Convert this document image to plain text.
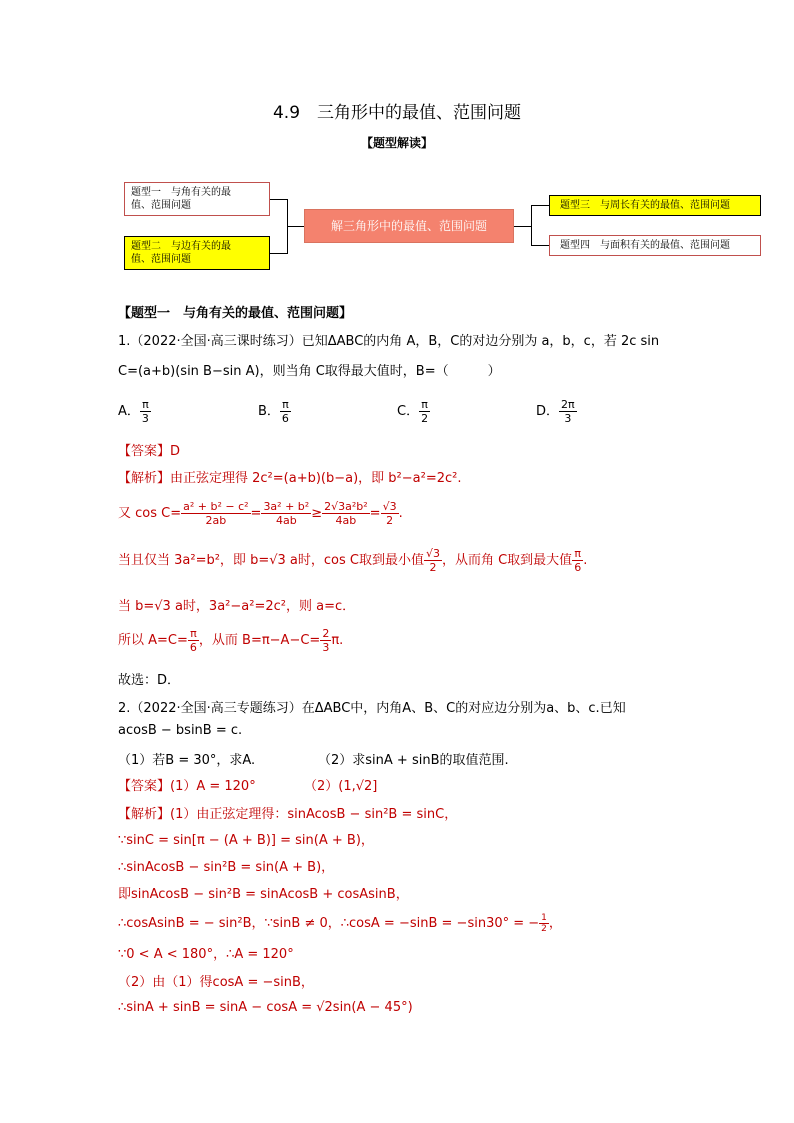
4.9　三角形中的最值、范围问题
【题型解读】
题型一　与角有关的最
值、范围问题
题型二　与边有关的最
值、范围问题
解三角形中的最值、范围问题
题型三　与周长有关的最值、范围问题
题型四　与面积有关的最值、范围问题
【题型一　与角有关的最值、范围问题】
1.（2022·全国·高三课时练习）已知ΔABC的内角 A，B，C的对边分别为 a，b，c，若 2c sin
C=(a+b)(sin B−sin A)，则当角 C取得最大值时，B=（　　　）
A． $\frac{\pi}{3}$	B． $\frac{\pi}{6}$	C． $\frac{\pi}{2}$	D． $\frac{2\pi}{3}$
【答案】D
【解析】由正弦定理得 2c²=(a+b)(b−a)，即 b²−a²=2c².
又 $\cos C= \frac{\text{a² + b² − c²}}{2ab} = \frac{\text{3a² + b²}}{4ab} \ge \frac{\text{2√3a²b²}}{4ab} = \frac{√3}{2}$ .
当且仅当 3a²=b²，即 b=√3 a时，cos C取到最小值 $\frac{√3}{2}$ ，从而角 C取到最大值 $\frac{\pi}{6}$ .
当 b=√3 a时，3a²−a²=2c²，则 a=c．
所以 $A=C= \frac{\pi}{6}$ ，从而 $B=\pi-A-C= \frac{2}{3} \pi$.
故选：D．
2.（2022·全国·高三专题练习）在ΔABC中，内角A、B、C的对应边分别为a、b、c.已知
acosB − bsinB = c.
（1）若B = 30°，求A.	（2）求sinA + sinB的取值范围.
【答案】(1）A = 120°	（2）(1,√2]
【解析】(1）由正弦定理得：sinAcosB − sin²B = sinC，
∵sinC = sin[π − (A + B)] = sin(A + B)，
∴sinAcosB − sin²B = sin(A + B)，
即sinAcosB − sin²B = sinAcosB + cosAsinB，
∴cosAsinB = − sin²B，∵sinB ≠ 0，∴cosA = −sinB = −sin30° = − $\frac{1}{2}$ ，
∵0 < A < 180°，∴A = 120°
（2）由（1）得cosA = −sinB，
∴sinA + sinB = sinA − cosA = √2sin(A − 45°)
